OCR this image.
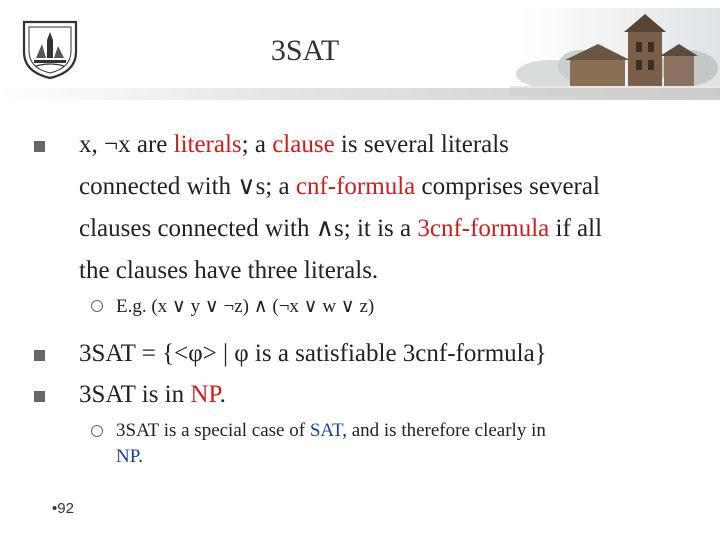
3SAT
x, ¬x are literals; a clause is several literals
connected with ∨s; a cnf-formula comprises several
clauses connected with ∧s; it is a 3cnf-formula if all
the clauses have three literals.
E.g. (x ∨ y ∨ ¬z) ∧ (¬x ∨ w ∨ z)
3SAT = {<φ> | φ is a satisfiable 3cnf-formula}
3SAT is in NP.
3SAT is a special case of SAT, and is therefore clearly in
NP.
•92
